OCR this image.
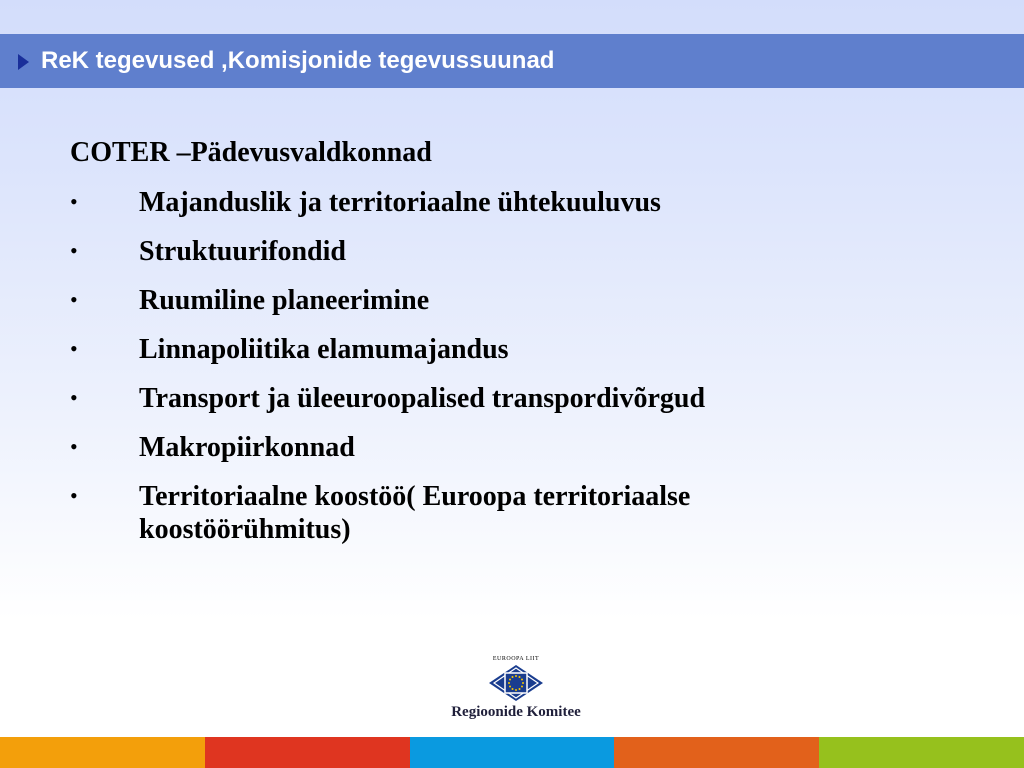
ReK tegevused ,Komisjonide tegevussuunad
COTER –Pädevusvaldkonnad
• Majanduslik ja territoriaalne ühtekuuluvus
• Struktuurifondid
• Ruumiline planeerimine
• Linnapoliitika elamumajandus
• Transport ja üleeuroopalised transpordivõrgud
• Makropiirkonnad
• Territoriaalne koostöö( Euroopa territoriaalse koostöörühmitus)
EUROOPA LIIT
Regioonide Komitee
